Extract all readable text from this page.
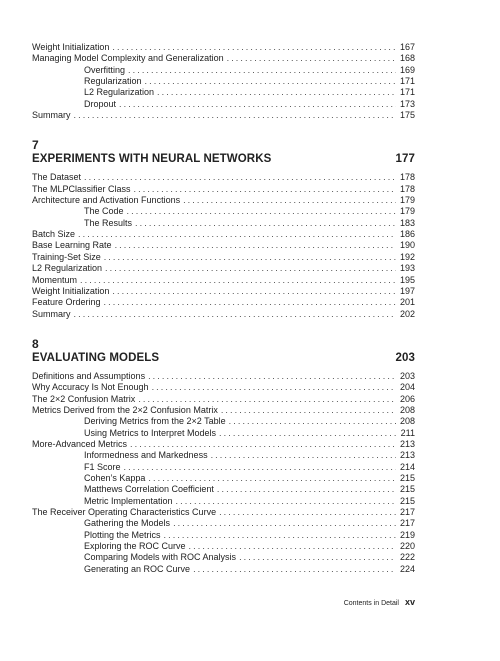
Weight Initialization . . .	167
Managing Model Complexity and Generalization . . .	168
Overfitting . . .	169
Regularization . . .	171
L2 Regularization . . .	171
Dropout . . .	173
Summary . . .	175
7
EXPERIMENTS WITH NEURAL NETWORKS	177
The Dataset . . .	178
The MLPClassifier Class . . .	178
Architecture and Activation Functions . . .	179
The Code . . .	179
The Results . . .	183
Batch Size . . .	186
Base Learning Rate . . .	190
Training-Set Size . . .	192
L2 Regularization . . .	193
Momentum . . .	195
Weight Initialization . . .	197
Feature Ordering . . .	201
Summary . . .	202
8
EVALUATING MODELS	203
Definitions and Assumptions . . .	203
Why Accuracy Is Not Enough . . .	204
The 2×2 Confusion Matrix . . .	206
Metrics Derived from the 2×2 Confusion Matrix . . .	208
Deriving Metrics from the 2×2 Table . . .	208
Using Metrics to Interpret Models . . .	211
More-Advanced Metrics . . .	213
Informedness and Markedness . . .	213
F1 Score . . .	214
Cohen’s Kappa . . .	215
Matthews Correlation Coefficient . . .	215
Metric Implementation . . .	215
The Receiver Operating Characteristics Curve . . .	217
Gathering the Models . . .	217
Plotting the Metrics . . .	219
Exploring the ROC Curve . . .	220
Comparing Models with ROC Analysis . . .	222
Generating an ROC Curve . . .	224
Contents in Detail xv
